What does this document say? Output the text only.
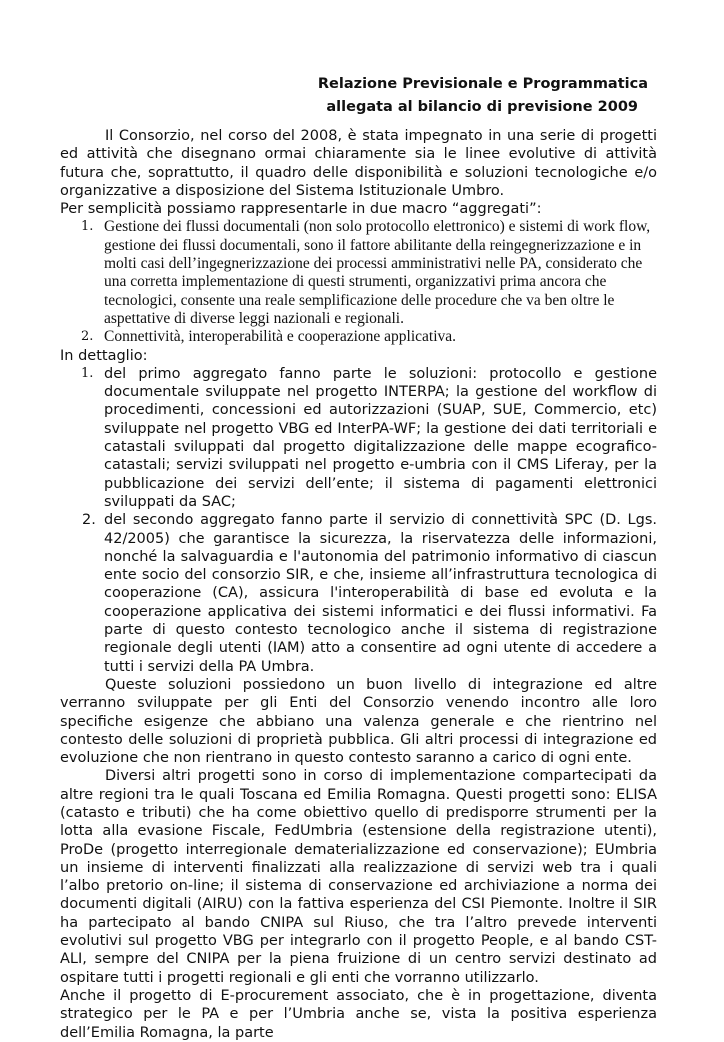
Relazione Previsionale e Programmatica

allegata al bilancio di previsione 2009

Il Consorzio, nel corso del 2008, è stata impegnato in una serie di progetti ed attività che disegnano ormai chiaramente sia le linee evolutive di attività futura che, soprattutto, il quadro delle disponibilità e soluzioni tecnologiche e/o organizzative a disposizione del Sistema Istituzionale Umbro.

Per semplicità possiamo rappresentarle in due macro “aggregati”:

1. Gestione dei flussi documentali (non solo protocollo elettronico) e sistemi di work flow, gestione dei flussi documentali, sono il fattore abilitante della reingegnerizzazione e in molti casi dell’ingegnerizzazione dei processi amministrativi nelle PA, considerato che una corretta implementazione di questi strumenti, organizzativi prima ancora che tecnologici, consente una reale semplificazione delle procedure che va ben oltre le aspettative di diverse leggi nazionali e regionali.
2. Connettività, interoperabilità e cooperazione applicativa.

In dettaglio:

1. del primo aggregato fanno parte le soluzioni: protocollo e gestione documentale sviluppate nel progetto INTERPA; la gestione del workflow di procedimenti, concessioni ed autorizzazioni (SUAP, SUE, Commercio, etc) sviluppate nel progetto VBG ed InterPA-WF; la gestione dei dati territoriali e catastali sviluppati dal progetto digitalizzazione delle mappe ecografico-catastali; servizi sviluppati nel progetto e-umbria con il CMS Liferay, per la pubblicazione dei servizi dell’ente; il sistema di pagamenti elettronici sviluppati da SAC;
2. del secondo aggregato fanno parte il servizio di connettività SPC (D. Lgs. 42/2005) che garantisce la sicurezza, la riservatezza delle informazioni, nonché la salvaguardia e l'autonomia del patrimonio informativo di ciascun ente socio del consorzio SIR, e che, insieme all’infrastruttura tecnologica di cooperazione (CA), assicura l'interoperabilità di base ed evoluta e la cooperazione applicativa dei sistemi informatici e dei flussi informativi. Fa parte di questo contesto tecnologico anche il sistema di registrazione regionale degli utenti (IAM) atto a consentire ad ogni utente di accedere a tutti i servizi della PA Umbra.

Queste soluzioni possiedono un buon livello di integrazione ed altre verranno sviluppate per gli Enti del Consorzio venendo incontro alle loro specifiche esigenze che abbiano una valenza generale e che rientrino nel contesto delle soluzioni di proprietà pubblica. Gli altri processi di integrazione ed evoluzione che non rientrano in questo contesto saranno a carico di ogni ente.

Diversi altri progetti sono in corso di implementazione compartecipati da altre regioni tra le quali Toscana ed Emilia Romagna. Questi progetti sono: ELISA (catasto e tributi) che ha come obiettivo quello di predisporre strumenti per la lotta alla evasione Fiscale, FedUmbria (estensione della registrazione utenti), ProDe (progetto interregionale dematerializzazione ed conservazione); EUmbria un insieme di interventi finalizzati alla realizzazione di servizi web tra i quali l’albo pretorio on-line; il sistema di conservazione ed archiviazione a norma dei documenti digitali (AIRU) con la fattiva esperienza del CSI Piemonte. Inoltre il SIR ha partecipato al bando CNIPA sul Riuso, che tra l’altro prevede interventi evolutivi sul progetto VBG per integrarlo con il progetto People, e al bando CST-ALI, sempre del CNIPA per la piena fruizione di un centro servizi destinato ad ospitare tutti i progetti regionali e gli enti che vorranno utilizzarlo.

Anche il progetto di E-procurement associato, che è in progettazione, diventa strategico per le PA e per l’Umbria anche se, vista la positiva esperienza dell’Emilia Romagna, la parte
